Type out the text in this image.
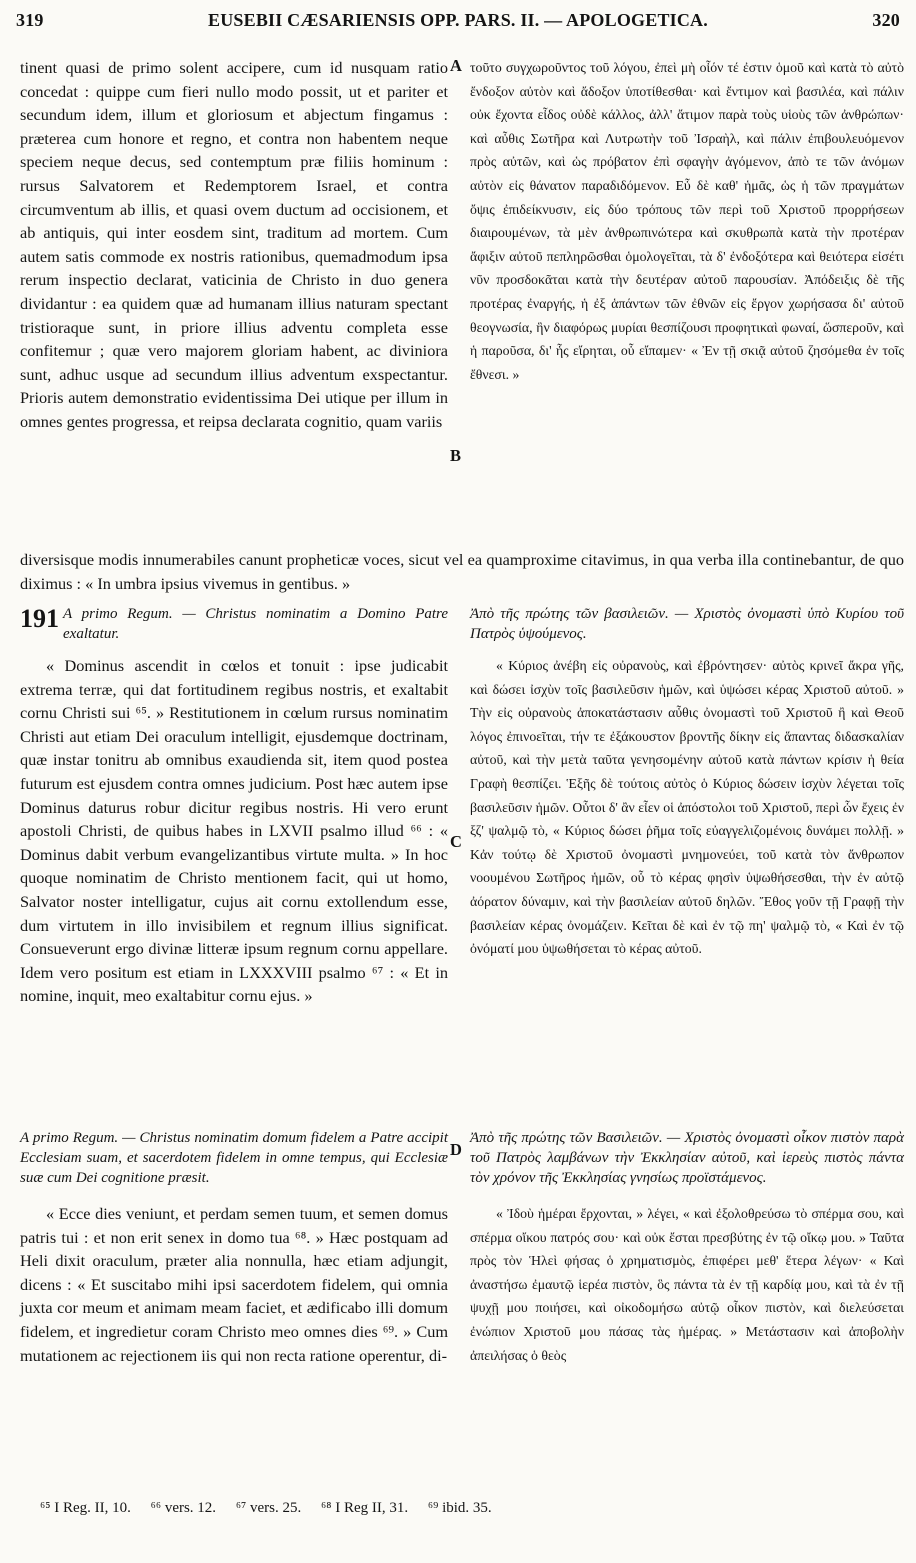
319	EUSEBII CÆSARIENSIS OPP. PARS. II. — APOLOGETICA.	320

tinent quasi de primo solent accipere, cum id nusquam ratio concedat : quippe cum fieri nullo modo possit, ut et pariter et secundum idem, illum et gloriosum et abjectum fingamus : præterea cum honore et regno, et contra non habentem neque speciem neque decus, sed contemptum præ filiis hominum : rursus Salvatorem et Redemptorem Israel, et contra circumventum ab illis, et quasi ovem ductum ad occisionem, et ab antiquis, qui inter eosdem sint, traditum ad mortem. Cum autem satis commode ex nostris rationibus, quemadmodum ipsa rerum inspectio declarat, vaticinia de Christo in duo genera dividantur : ea quidem quæ ad humanam illius naturam spectant tristioraque sunt, in priore illius adventu completa esse confitemur ; quæ vero majorem gloriam habent, ac diviniora sunt, adhuc usque ad secundum illius adventum exspectantur. Prioris autem demonstratio evidentissima Dei utique per illum in omnes gentes progressa, et reipsa declarata cognitio, quam variis

τοῦτο συγχωροῦντος τοῦ λόγου, ἐπεὶ μὴ οἷόν τέ ἐστιν ὁμοῦ καὶ κατὰ τὸ αὐτὸ ἔνδοξον αὐτὸν καὶ ἄδοξον ὑποτίθεσθαι· καὶ ἔντιμον καὶ βασιλέα, καὶ πάλιν οὐκ ἔχοντα εἶδος οὐδὲ κάλλος, ἀλλ' ἄτιμον παρὰ τοὺς υἱοὺς τῶν ἀνθρώπων· καὶ αὖθις Σωτῆρα καὶ Λυτρωτὴν τοῦ Ἰσραὴλ, καὶ πάλιν ἐπιβουλευόμενον πρὸς αὐτῶν, καὶ ὡς πρόβατον ἐπὶ σφαγὴν ἀγόμενον, ἀπὸ τε τῶν ἀνόμων αὐτὸν εἰς θάνατον παραδιδόμενον. Εὖ δὲ καθ' ἡμᾶς, ὡς ἡ τῶν πραγμάτων ὄψις ἐπιδείκνυσιν, εἰς δύο τρόπους τῶν περὶ τοῦ Χριστοῦ προρρήσεων διαιρουμένων, τὰ μὲν ἀνθρωπινώτερα καὶ σκυθρωπὰ κατὰ τὴν προτέραν ἄφιξιν αὐτοῦ πεπληρῶσθαι ὁμολογεῖται, τὰ δ' ἐνδοξότερα καὶ θειότερα εἰσέτι νῦν προσδοκᾶται κατὰ τὴν δευτέραν αὐτοῦ παρουσίαν. Ἀπόδειξις δὲ τῆς προτέρας ἐναργής, ἡ ἐξ ἁπάντων τῶν ἐθνῶν εἰς ἔργον χωρήσασα δι' αὐτοῦ θεογνωσία, ἣν διαφόρως μυρίαι θεσπίζουσι προφητικαὶ φωναί, ὥσπεροῦν, καὶ ἡ παροῦσα, δι' ἧς εἴρηται, οὗ εἴπαμεν· « Ἐν τῇ σκιᾷ αὐτοῦ ζησόμεθα ἐν τοῖς ἔθνεσι. »

A
B
C
D

diversisque modis innumerabiles canunt propheticæ voces, sicut vel ea quamproxime citavimus, in qua verba illa continebantur, de quo diximus : « In umbra ipsius vivemus in gentibus. »

191 A primo Regum. — Christus nominatim a Domino Patre exaltatur.

« Dominus ascendit in cœlos et tonuit : ipse judicabit extrema terræ, qui dat fortitudinem regibus nostris, et exaltabit cornu Christi sui ⁶⁵. » Restitutionem in cœlum rursus nominatim Christi aut etiam Dei oraculum intelligit, ejusdemque doctrinam, quæ instar tonitru ab omnibus exaudienda sit, item quod postea futurum est ejusdem contra omnes judicium. Post hæc autem ipse Dominus daturus robur dicitur regibus nostris. Hi vero erunt apostoli Christi, de quibus habes in LXVII psalmo illud ⁶⁶ : « Dominus dabit verbum evangelizantibus virtute multa. » In hoc quoque nominatim de Christo mentionem facit, qui ut homo, Salvator noster intelligatur, cujus ait cornu extollendum esse, dum virtutem in illo invisibilem et regnum illius significat. Consueverunt ergo divinæ litteræ ipsum regnum cornu appellare. Idem vero positum est etiam in LXXXVIII psalmo ⁶⁷ : « Et in nomine, inquit, meo exaltabitur cornu ejus. »

Ἀπὸ τῆς πρώτης τῶν βασιλειῶν. — Χριστὸς ὀνομαστὶ ὑπὸ Κυρίου τοῦ Πατρὸς ὑψούμενος.

« Κύριος ἀνέβη εἰς οὐρανοὺς, καὶ ἐβρόντησεν· αὐτὸς κρινεῖ ἄκρα γῆς, καὶ δώσει ἰσχὺν τοῖς βασιλεῦσιν ἡμῶν, καὶ ὑψώσει κέρας Χριστοῦ αὐτοῦ. » Τὴν εἰς οὐρανοὺς ἀποκατάστασιν αὖθις ὀνομαστὶ τοῦ Χριστοῦ ἢ καὶ Θεοῦ λόγος ἐπινοεῖται, τήν τε ἐξάκουστον βροντῆς δίκην εἰς ἅπαντας διδασκαλίαν αὐτοῦ, καὶ τὴν μετὰ ταῦτα γενησομένην αὐτοῦ κατὰ πάντων κρίσιν ἡ θεία Γραφὴ θεσπίζει. Ἑξῆς δὲ τούτοις αὐτὸς ὁ Κύριος δώσειν ἰσχὺν λέγεται τοῖς βασιλεῦσιν ἡμῶν. Οὗτοι δ' ἂν εἶεν οἱ ἀπόστολοι τοῦ Χριστοῦ, περὶ ὧν ἔχεις ἐν ξζ' ψαλμῷ τὸ, « Κύριος δώσει ῥῆμα τοῖς εὐαγγελιζομένοις δυνάμει πολλῇ. » Κἀν τούτῳ δὲ Χριστοῦ ὀνομαστὶ μνημονεύει, τοῦ κατὰ τὸν ἄνθρωπον νοουμένου Σωτῆρος ἡμῶν, οὗ τὸ κέρας φησὶν ὑψωθήσεσθαι, τὴν ἐν αὐτῷ ἀόρατον δύναμιν, καὶ τὴν βασιλείαν αὐτοῦ δηλῶν. Ἔθος γοῦν τῇ Γραφῇ τὴν βασιλείαν κέρας ὀνομάζειν. Κεῖται δὲ καὶ ἐν τῷ πη' ψαλμῷ τὸ, « Καὶ ἐν τῷ ὀνόματί μου ὑψωθήσεται τὸ κέρας αὐτοῦ.

A primo Regum. — Christus nominatim domum fidelem a Patre accipit Ecclesiam suam, et sacerdotem fidelem in omne tempus, qui Ecclesiæ suæ cum Dei cognitione præsit.

« Ecce dies veniunt, et perdam semen tuum, et semen domus patris tui : et non erit senex in domo tua ⁶⁸. » Hæc postquam ad Heli dixit oraculum, præter alia nonnulla, hæc etiam adjungit, dicens : « Et suscitabo mihi ipsi sacerdotem fidelem, qui omnia juxta cor meum et animam meam faciet, et ædificabo illi domum fidelem, et ingredietur coram Christo meo omnes dies ⁶⁹. » Cum mutationem ac rejectionem iis qui non recta ratione operentur, di-

Ἀπὸ τῆς πρώτης τῶν Βασιλειῶν. — Χριστὸς ὀνομαστὶ οἶκον πιστὸν παρὰ τοῦ Πατρὸς λαμβάνων τὴν Ἐκκλησίαν αὐτοῦ, καὶ ἱερεὺς πιστὸς πάντα τὸν χρόνον τῆς Ἐκκλησίας γνησίως προϊστάμενος.

« Ἰδοὺ ἡμέραι ἔρχονται, » λέγει, « καὶ ἐξολοθρεύσω τὸ σπέρμα σου, καὶ σπέρμα οἴκου πατρός σου· καὶ οὐκ ἔσται πρεσβύτης ἐν τῷ οἴκῳ μου. » Ταῦτα πρὸς τὸν Ἡλεὶ φήσας ὁ χρηματισμὸς, ἐπιφέρει μεθ' ἕτερα λέγων· « Καὶ ἀναστήσω ἐμαυτῷ ἱερέα πιστὸν, ὃς πάντα τὰ ἐν τῇ καρδίᾳ μου, καὶ τὰ ἐν τῇ ψυχῇ μου ποιήσει, καὶ οἰκοδομήσω αὐτῷ οἶκον πιστὸν, καὶ διελεύσεται ἐνώπιον Χριστοῦ μου πάσας τὰς ἡμέρας. » Μετάστασιν καὶ ἀποβολὴν ἀπειλήσας ὁ θεὸς

⁶⁵ I Reg. II, 10. ⁶⁶ vers. 12. ⁶⁷ vers. 25. ⁶⁸ I Reg II, 31. ⁶⁹ ibid. 35.
